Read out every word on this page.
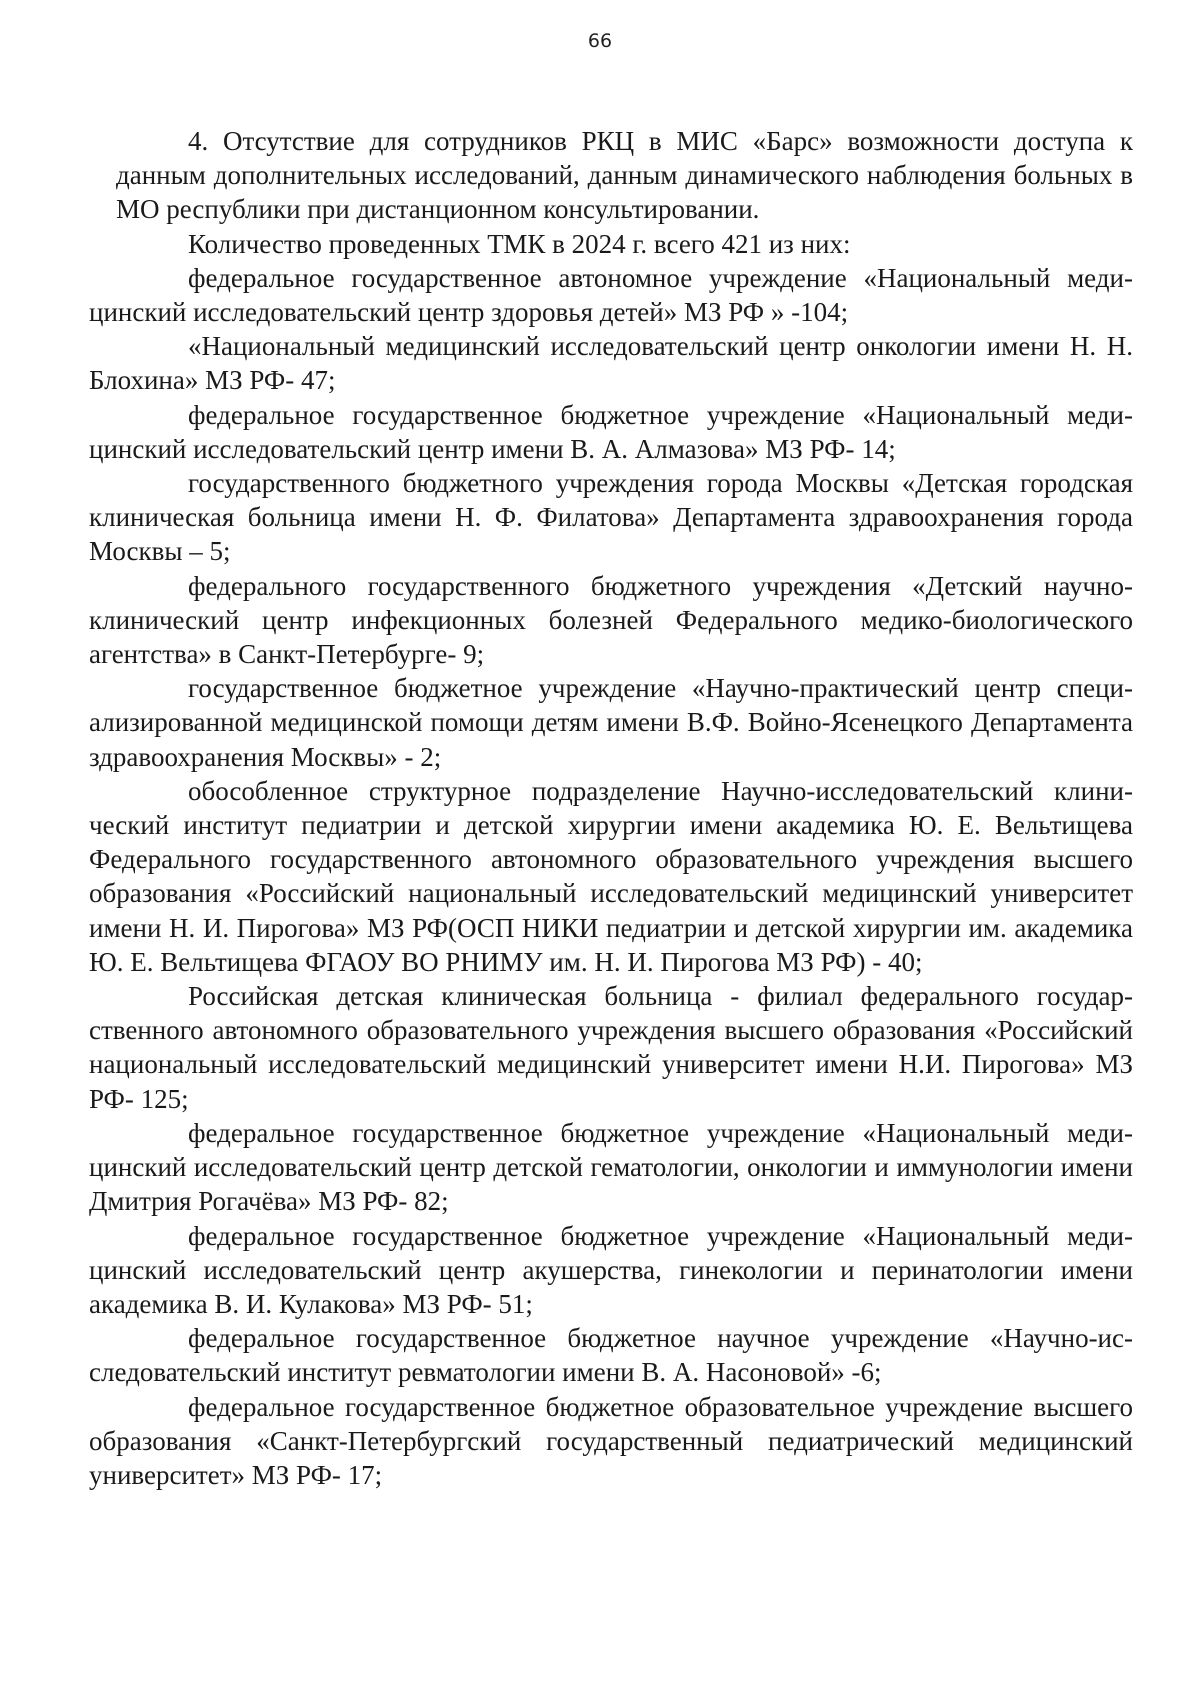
66

4. Отсутствие для сотрудников РКЦ в МИС «Барс» возможности доступа к данным дополнительных исследований, данным динамического наблюдения больных в МО республики при дистанционном консультировании.

Количество проведенных ТМК в 2024 г. всего 421 из них:

федеральное государственное автономное учреждение «Национальный медицинский исследовательский центр здоровья детей» МЗ РФ » -104;

«Национальный медицинский исследовательский центр онкологии имени Н. Н. Блохина» МЗ РФ- 47;

федеральное государственное бюджетное учреждение «Национальный медицинский исследовательский центр имени В. А. Алмазова» МЗ РФ- 14;

государственного бюджетного учреждения города Москвы «Детская городская клиническая больница имени Н. Ф. Филатова» Департамента здравоохранения города Москвы – 5;

федерального государственного бюджетного учреждения «Детский научно-клинический центр инфекционных болезней Федерального медико-биологического агентства» в Санкт-Петербурге- 9;

государственное бюджетное учреждение «Научно-практический центр специализированной медицинской помощи детям имени В.Ф. Войно-Ясенецкого Департамента здравоохранения Москвы» - 2;

обособленное структурное подразделение Научно-исследовательский клинический институт педиатрии и детской хирургии имени академика Ю. Е. Вельтищева Федерального государственного автономного образовательного учреждения высшего образования «Российский национальный исследовательский медицинский университет имени Н. И. Пирогова» МЗ РФ(ОСП НИКИ педиатрии и детской хирургии им. академика Ю. Е. Вельтищева ФГАОУ ВО РНИМУ им. Н. И. Пирогова МЗ РФ) - 40;

Российская детская клиническая больница - филиал федерального государственного автономного образовательного учреждения высшего образования «Российский национальный исследовательский медицинский университет имени Н.И. Пирогова» МЗ РФ- 125;

федеральное государственное бюджетное учреждение «Национальный медицинский исследовательский центр детской гематологии, онкологии и иммунологии имени Дмитрия Рогачёва» МЗ РФ- 82;

федеральное государственное бюджетное учреждение «Национальный медицинский исследовательский центр акушерства, гинекологии и перинатологии имени академика В. И. Кулакова» МЗ РФ- 51;

федеральное государственное бюджетное научное учреждение «Научно-исследовательский институт ревматологии имени В. А. Насоновой» -6;

федеральное государственное бюджетное образовательное учреждение высшего образования «Санкт-Петербургский государственный педиатрический медицинский университет» МЗ РФ- 17;
